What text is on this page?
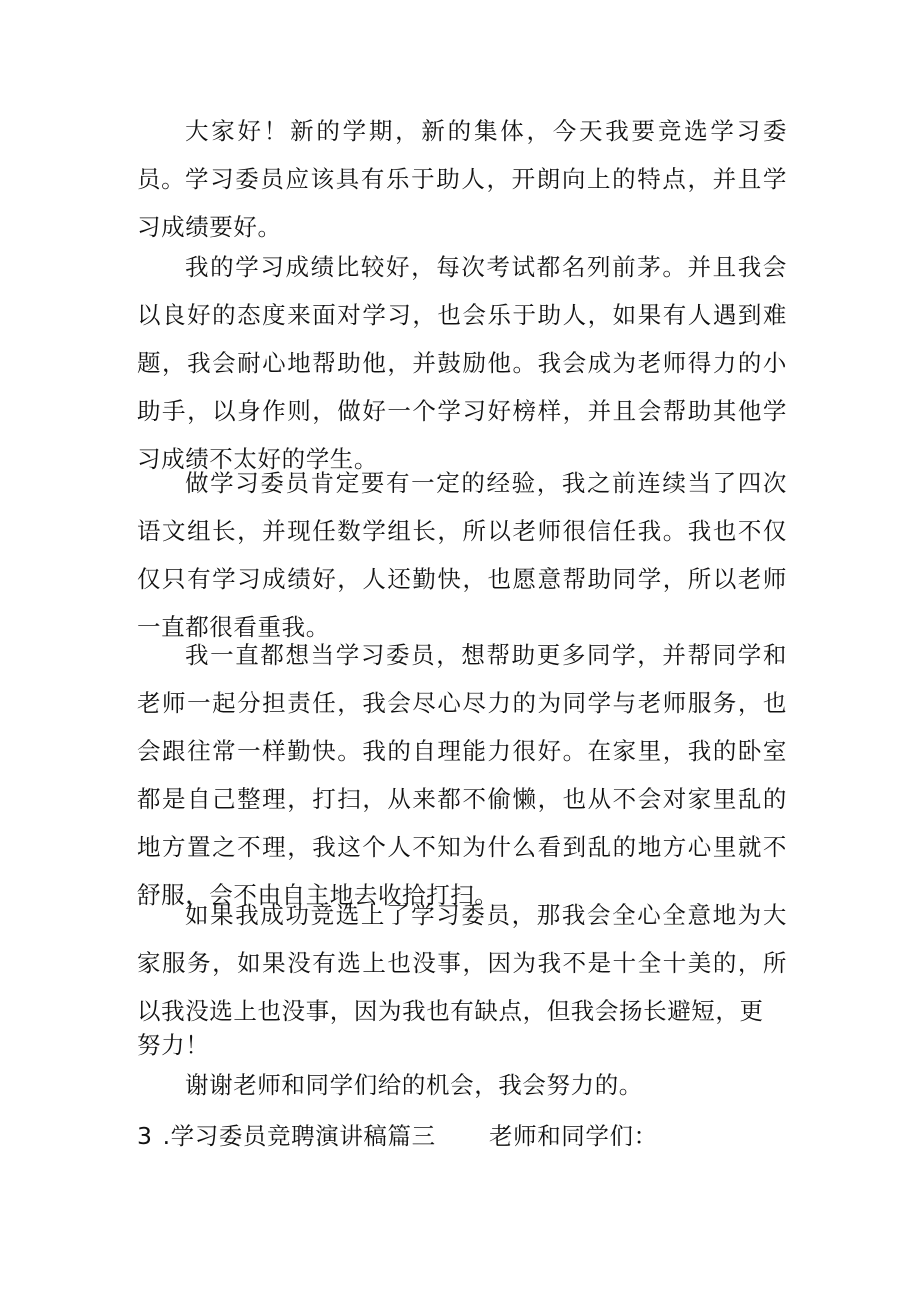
大家好！新的学期，新的集体，今天我要竞选学习委员。 学习委员应该具有乐于助人，开朗向上的特点，并且学习成绩要好。

我的学习成绩比较好，每次考试都名列前茅。并且我会以良好的态度来面对学习，也会乐于助人，如果有人遇到难题，我会耐心地帮助他，并鼓励他。我会成为老师得力的小助手，以身作则，做好一个学习好榜样，并且会帮助其他学习成绩不太好的学生。

做学习委员肯定要有一定的经验，我之前连续当了四次语文组长，并现任数学组长，所以老师很信任我。我也不仅仅只有学习成绩好，人还勤快，也愿意帮助同学，所以老师一直都很看重我。

我一直都想当学习委员，想帮助更多同学，并帮同学和老师一起分担责任，我会尽心尽力的为同学与老师服务，也会跟往常一样勤快。我的自理能力很好。在家里，我的卧室都是自己整理，打扫，从来都不偷懒，也从不会对家里乱的地方置之不理，我这个人不知为什么看到乱的地方心里就不舒服，会不由自主地去收拾打扫。

如果我成功竞选上了学习委员，那我会全心全意地为大家服务，如果没有选上也没事，因为我不是十全十美的，所以我没选上也没事，因为我也有缺点，但我会扬长避短，更

努力！

谢谢老师和同学们给的机会，我会努力的。

3 .学习委员竞聘演讲稿篇三 老师和同学们：
